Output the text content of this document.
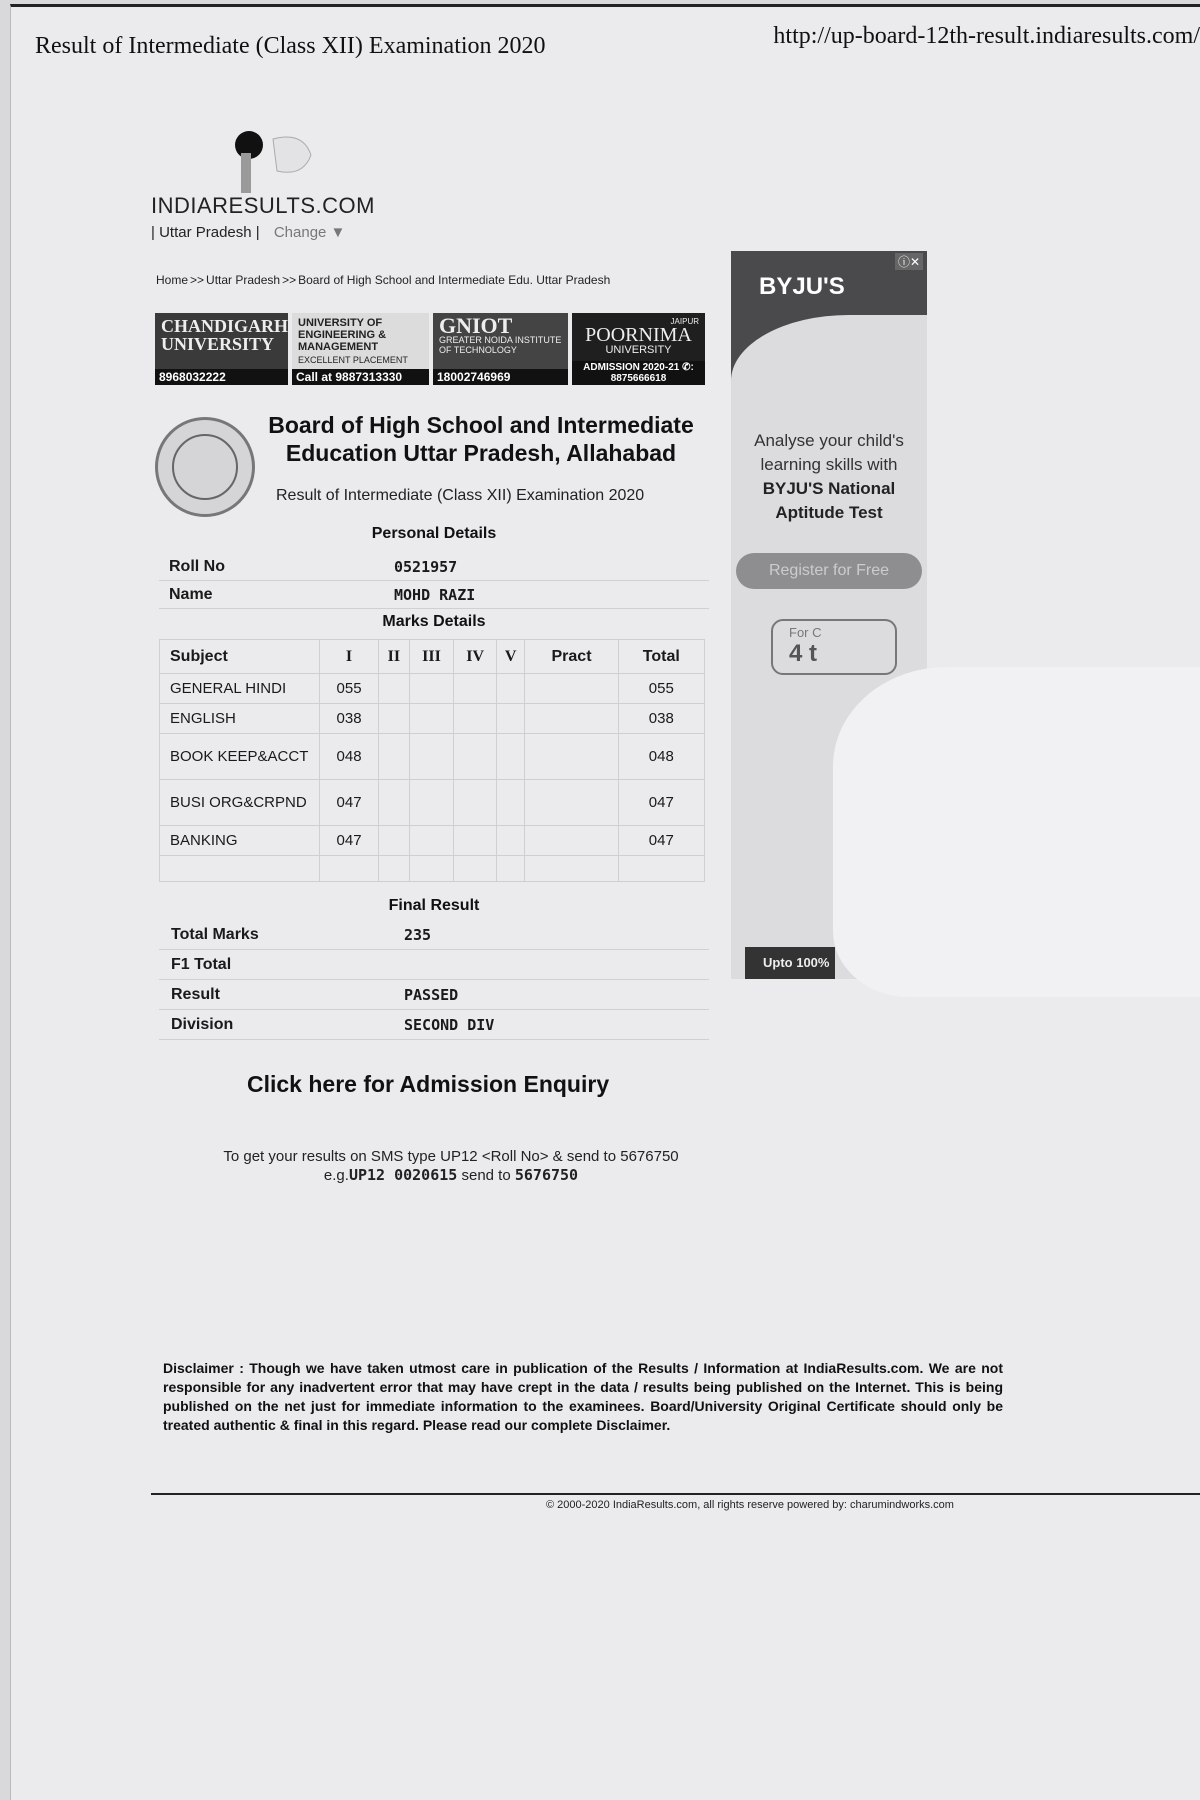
Result of Intermediate (Class XII) Examination 2020	http://up-board-12th-result.indiaresults.com/
INDIARESULTS.COM
| Uttar Pradesh | Change ▼
Home >> Uttar Pradesh >> Board of High School and Intermediate Edu. Uttar Pradesh
CHANDIGARH UNIVERSITY
8968032222
UNIVERSITY OF ENGINEERING & MANAGEMENT
EXCELLENT PLACEMENT
Call at 9887313330
GNIOT
GREATER NOIDA INSTITUTE OF TECHNOLOGY
18002746969
JAIPUR
POORNIMA
UNIVERSITY
ADMISSION 2020-21 ✆: 8875666618
Board of High School and Intermediate Education Uttar Pradesh, Allahabad
Result of Intermediate (Class XII) Examination 2020
Personal Details
Roll No	0521957
Name	MOHD RAZI
Marks Details
Subject	I	II	III	IV	V	Pract	Total
GENERAL HINDI	055						055
ENGLISH	038						038
BOOK KEEP&ACCT	048						048
BUSI ORG&CRPND	047						047
BANKING	047						047

Final Result
Total Marks	235
F1 Total
Result	PASSED
Division	SECOND DIV
Click here for Admission Enquiry
To get your results on SMS type UP12 <Roll No> & send to 5676750
e.g.UP12 0020615 send to 5676750
Disclaimer : Though we have taken utmost care in publication of the Results / Information at IndiaResults.com. We are not responsible for any inadvertent error that may have crept in the data / results being published on the Internet. This is being published on the net just for immediate information to the examinees. Board/University Original Certificate should only be treated authentic & final in this regard. Please read our complete Disclaimer.
© 2000-2020 IndiaResults.com, all rights reserve powered by: charumindworks.com
ⓘ✕
BYJU'S
Analyse your child's learning skills with
BYJU'S National Aptitude Test
Register for Free
For C
4 t
Upto 100%
